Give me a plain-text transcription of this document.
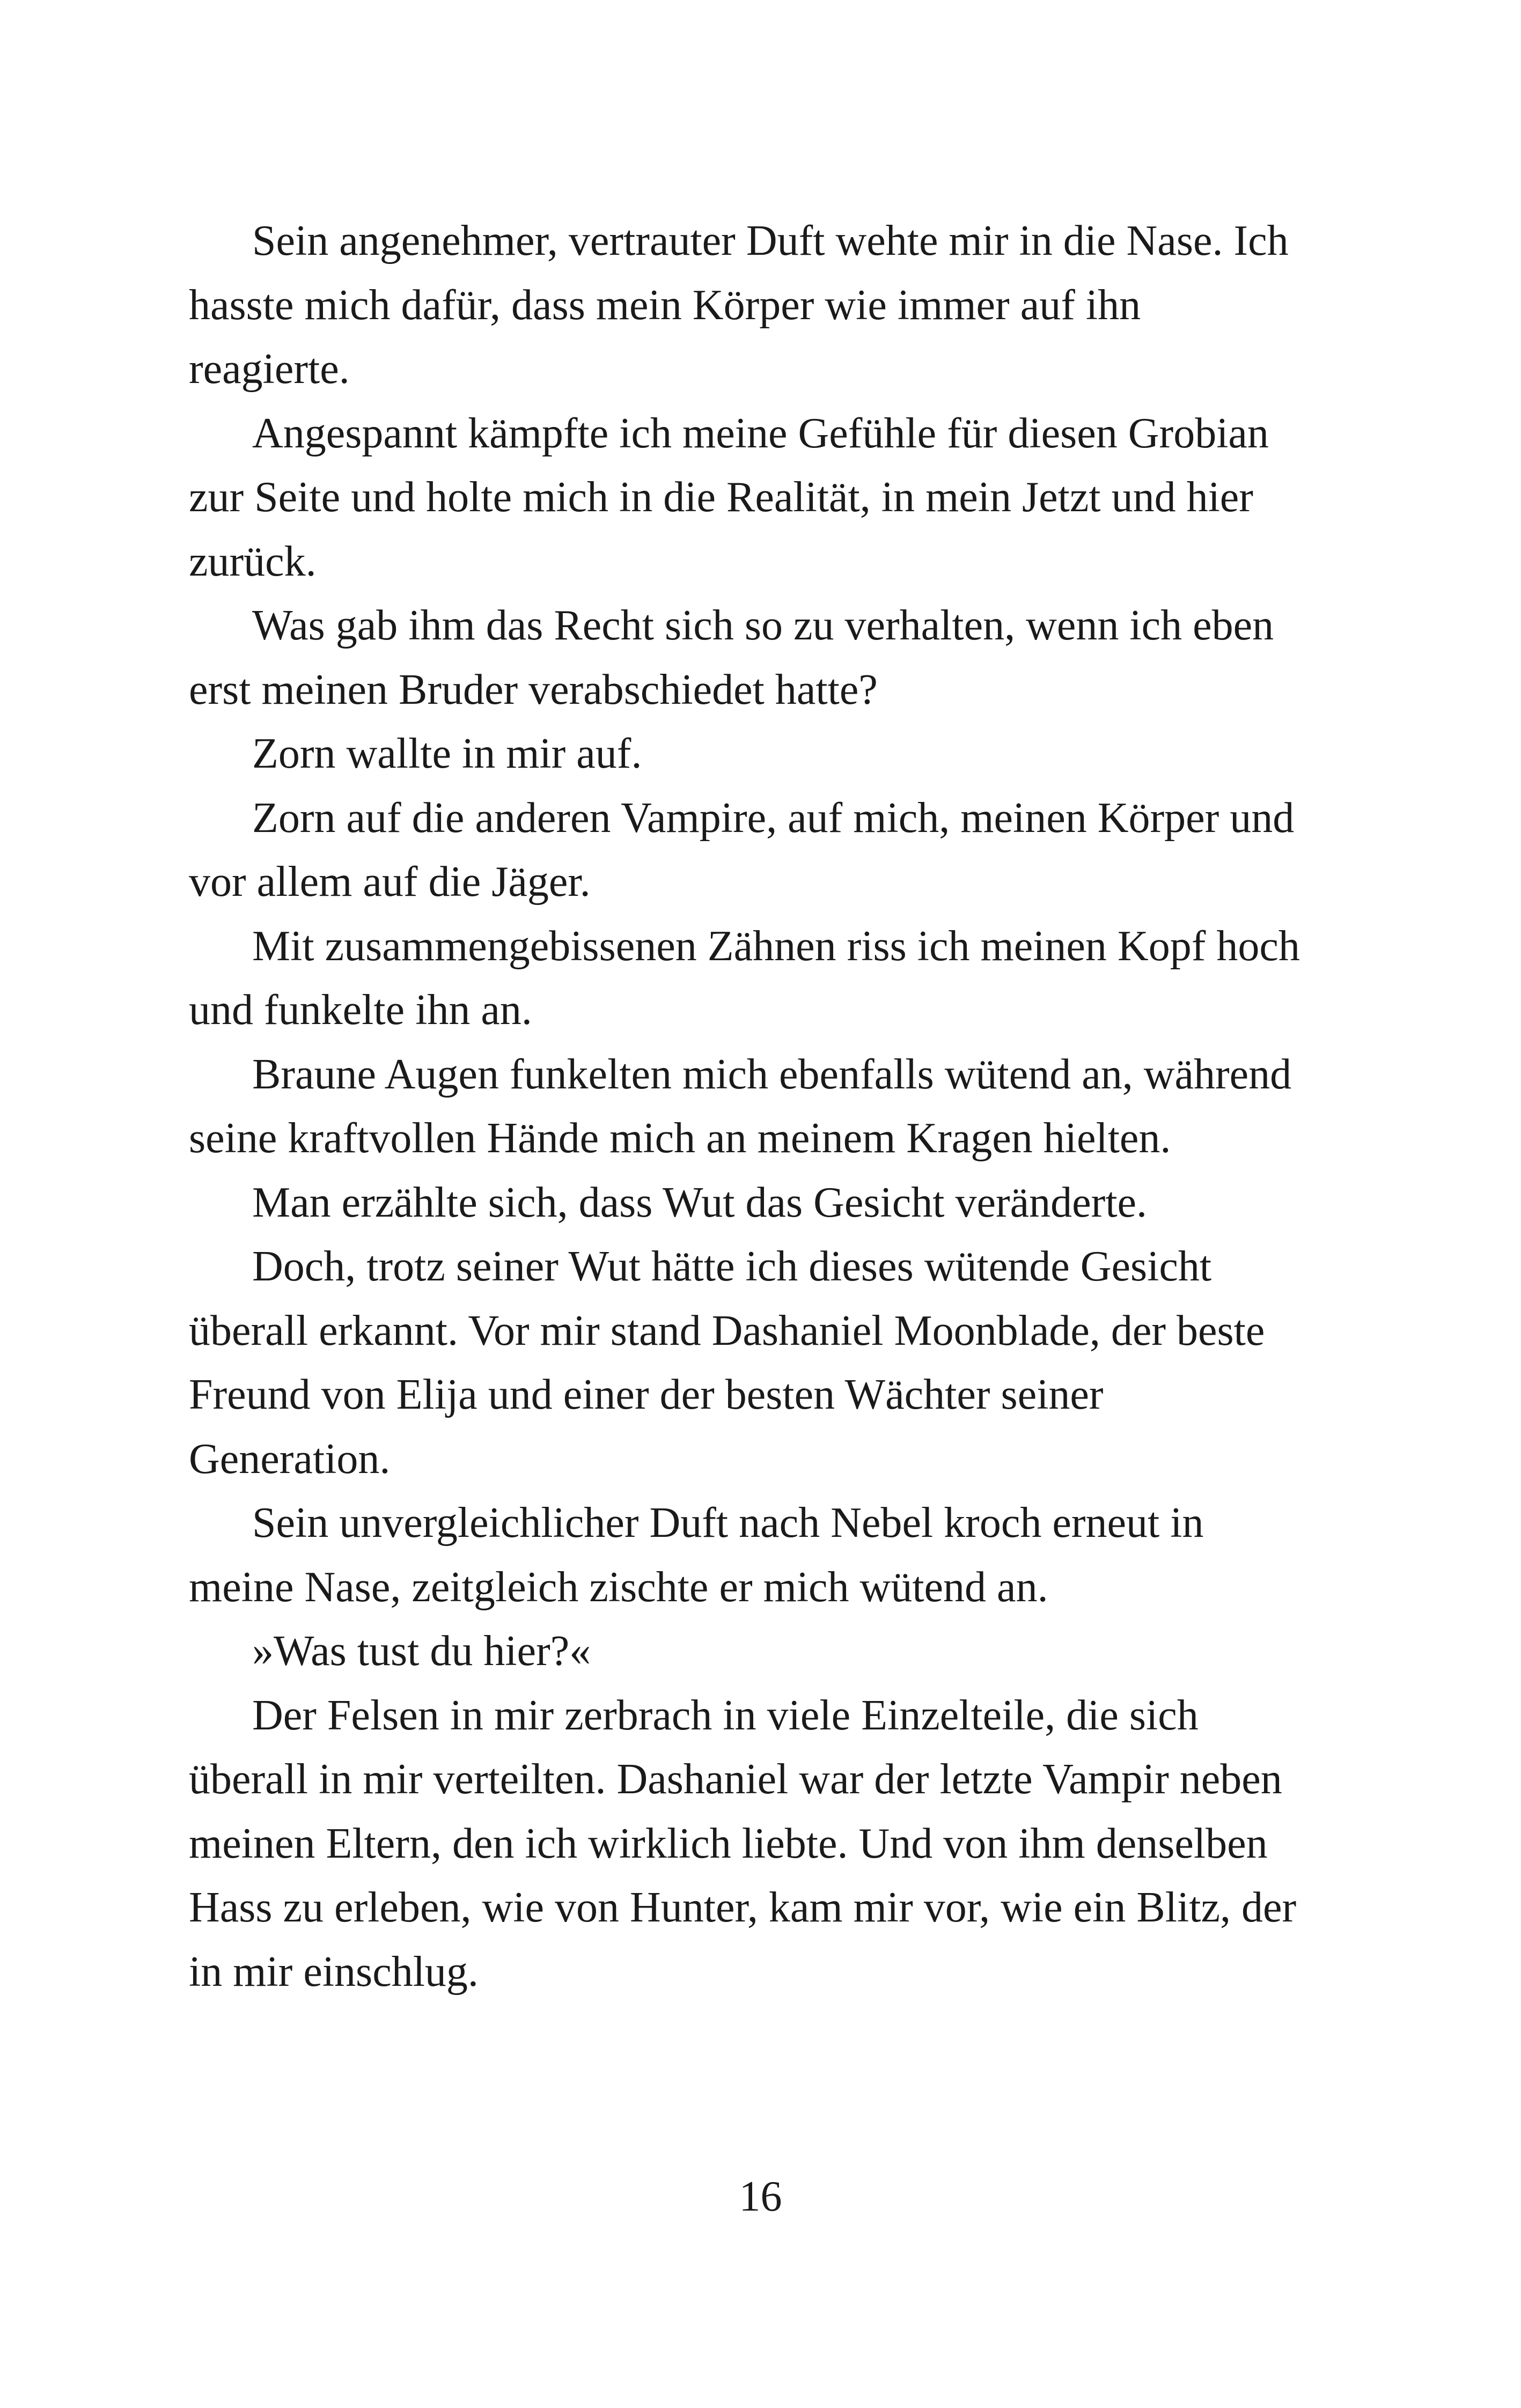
Sein angenehmer, vertrauter Duft wehte mir in die Nase. Ich hasste mich dafür, dass mein Körper wie immer auf ihn reagierte.

Angespannt kämpfte ich meine Gefühle für diesen Grobian zur Seite und holte mich in die Realität, in mein Jetzt und hier zurück.

Was gab ihm das Recht sich so zu verhalten, wenn ich eben erst meinen Bruder verabschiedet hatte?

Zorn wallte in mir auf.

Zorn auf die anderen Vampire, auf mich, meinen Körper und vor allem auf die Jäger.

Mit zusammengebissenen Zähnen riss ich meinen Kopf hoch und funkelte ihn an.

Braune Augen funkelten mich ebenfalls wütend an, während seine kraftvollen Hände mich an meinem Kragen hielten.

Man erzählte sich, dass Wut das Gesicht veränderte.

Doch, trotz seiner Wut hätte ich dieses wütende Gesicht überall erkannt. Vor mir stand Dashaniel Moonblade, der beste Freund von Elija und einer der besten Wächter seiner Generation.

Sein unvergleichlicher Duft nach Nebel kroch erneut in meine Nase, zeitgleich zischte er mich wütend an.

»Was tust du hier?«

Der Felsen in mir zerbrach in viele Einzelteile, die sich überall in mir verteilten. Dashaniel war der letzte Vampir neben meinen Eltern, den ich wirklich liebte. Und von ihm denselben Hass zu erleben, wie von Hunter, kam mir vor, wie ein Blitz, der in mir einschlug.

16
